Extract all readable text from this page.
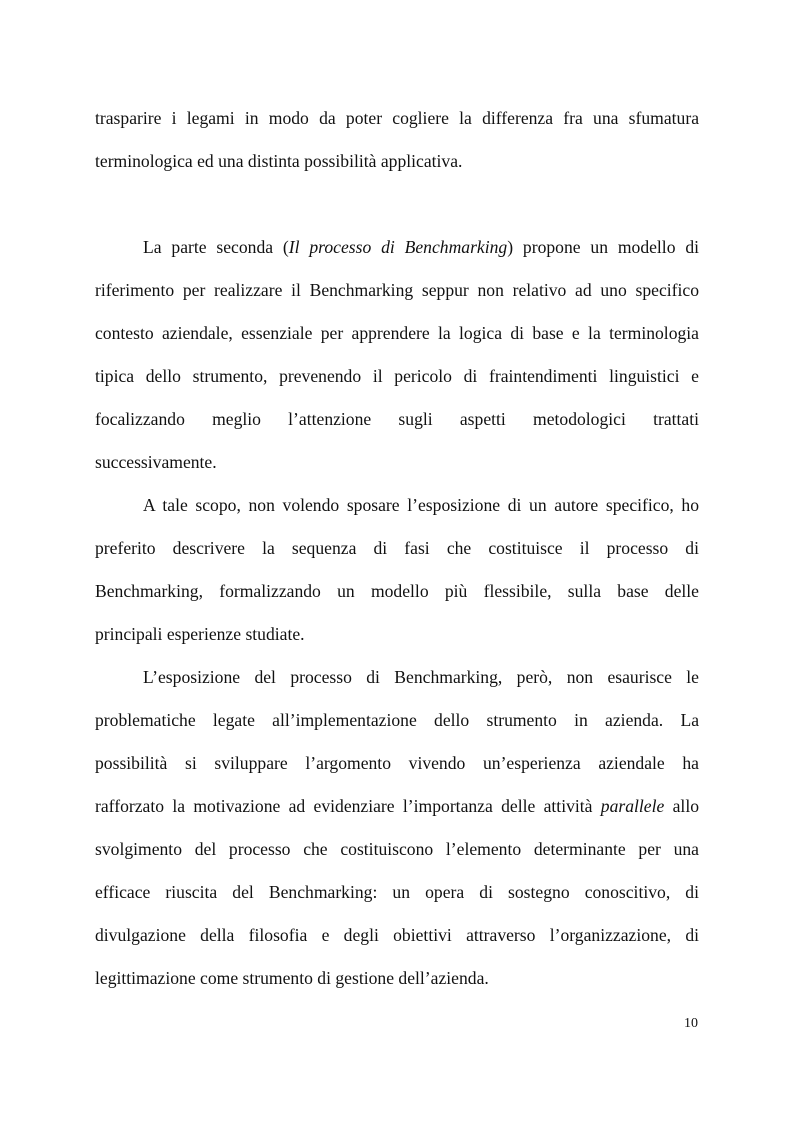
trasparire i legami in modo da poter cogliere la differenza fra una sfumatura
terminologica ed una distinta possibilità applicativa.
La parte seconda (Il processo di Benchmarking) propone un modello di
riferimento per realizzare il Benchmarking seppur non relativo ad uno specifico
contesto aziendale, essenziale per apprendere la logica di base e la terminologia
tipica dello strumento, prevenendo il pericolo di fraintendimenti linguistici e
focalizzando meglio l’attenzione sugli aspetti metodologici trattati
successivamente.
A tale scopo, non volendo sposare l’esposizione di un autore specifico, ho
preferito descrivere la sequenza di fasi che costituisce il processo di
Benchmarking, formalizzando un modello più flessibile, sulla base delle
principali esperienze studiate.
L’esposizione del processo di Benchmarking, però, non esaurisce le
problematiche legate all’implementazione dello strumento in azienda. La
possibilità si sviluppare l’argomento vivendo un’esperienza aziendale ha
rafforzato la motivazione ad evidenziare l’importanza delle attività parallele allo
svolgimento del processo che costituiscono l’elemento determinante per una
efficace riuscita del Benchmarking: un opera di sostegno conoscitivo, di
divulgazione della filosofia e degli obiettivi attraverso l’organizzazione, di
legittimazione come strumento di gestione dell’azienda.
10
